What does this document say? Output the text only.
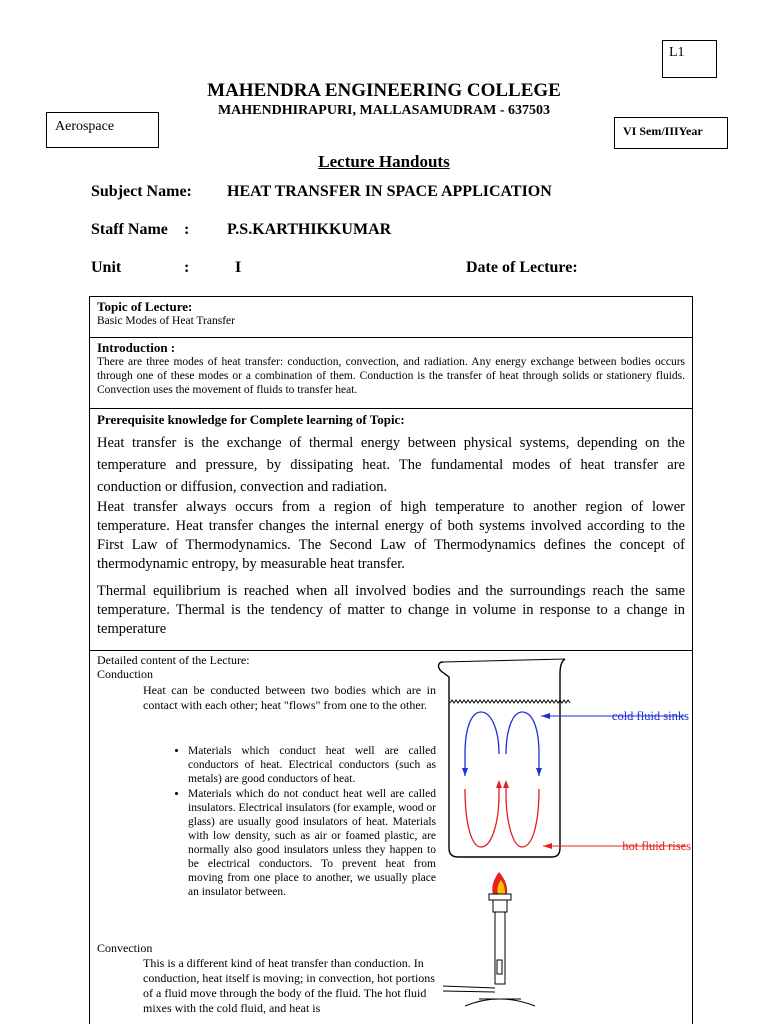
L1
Aerospace	VI Sem/IIIYear
MAHENDRA ENGINEERING COLLEGE
MAHENDHIRAPURI, MALLASAMUDRAM - 637503
Lecture Handouts
Subject Name: HEAT TRANSFER IN SPACE APPLICATION
Staff Name : P.S.KARTHIKKUMAR
Unit	:	I	Date of Lecture:
Topic of Lecture:
Basic Modes of Heat Transfer
Introduction :
There are three modes of heat transfer: conduction, convection, and radiation. Any energy exchange between bodies occurs through one of these modes or a combination of them. Conduction is the transfer of heat through solids or stationery fluids. Convection uses the movement of fluids to transfer heat.
Prerequisite knowledge for Complete learning of Topic:
Heat transfer is the exchange of thermal energy between physical systems, depending on the temperature and pressure, by dissipating heat. The fundamental modes of heat transfer are conduction or diffusion, convection and radiation.
Heat transfer always occurs from a region of high temperature to another region of lower temperature. Heat transfer changes the internal energy of both systems involved according to the First Law of Thermodynamics. The Second Law of Thermodynamics defines the concept of thermodynamic entropy, by measurable heat transfer.
Thermal equilibrium is reached when all involved bodies and the surroundings reach the same temperature. Thermal is the tendency of matter to change in volume in response to a change in temperature
Detailed content of the Lecture:
Conduction
Heat can be conducted between two bodies which are in contact with each other; heat "flows" from one to the other.
• Materials which conduct heat well are called conductors of heat. Electrical conductors (such as metals) are good conductors of heat.
• Materials which do not conduct heat well are called insulators. Electrical insulators (for example, wood or glass) are usually good insulators of heat. Materials with low density, such as air or foamed plastic, are normally also good insulators unless they happen to be electrical conductors. To prevent heat from moving from one place to another, we usually place an insulator between.
Convection
This is a different kind of heat transfer than conduction. In conduction, heat itself is moving; in convection, hot portions of a fluid move through the body of the fluid. The hot fluid mixes with the cold fluid, and heat is
cold fluid sinks
hot fluid rises
